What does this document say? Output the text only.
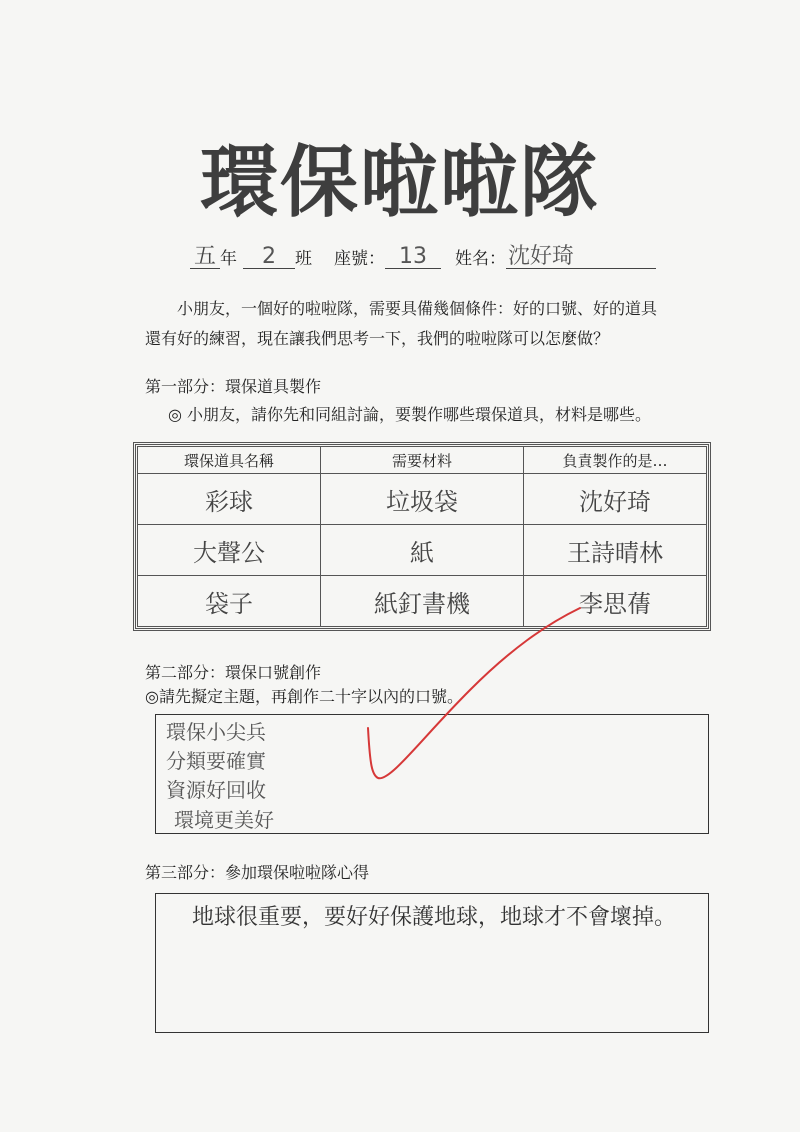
環保啦啦隊
五 年	2	班 座號： 13	姓名： 沈好琦
小朋友，一個好的啦啦隊，需要具備幾個條件：好的口號、好的道具
還有好的練習，現在讓我們思考一下，我們的啦啦隊可以怎麼做？
第一部分：環保道具製作
◎ 小朋友，請你先和同組討論，要製作哪些環保道具，材料是哪些。
環保道具名稱	需要材料	負責製作的是…
彩球	垃圾袋	沈好琦
大聲公	紙	王詩晴林
袋子	紙釘書機	李思蒨
第二部分：環保口號創作
◎請先擬定主題，再創作二十字以內的口號。
環保小尖兵
分類要確實
資源好回收
環境更美好
第三部分：參加環保啦啦隊心得
地球很重要，要好好保護地球，地球才不會壞掉。
